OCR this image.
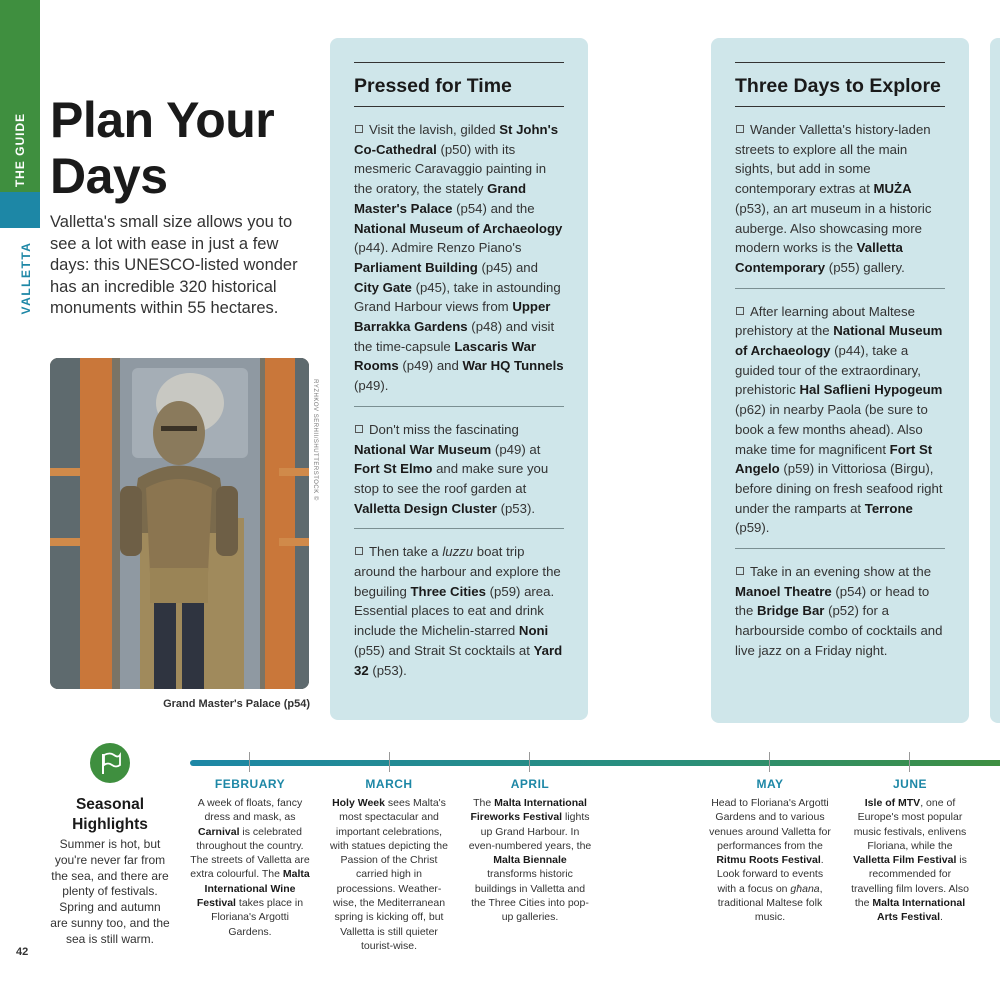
THE GUIDE
VALLETTA
Plan Your Days

Valletta's small size allows you to see a lot with ease in just a few days: this UNESCO-listed wonder has an incredible 320 historical monuments within 55 hectares.

RYZHKOV SERHII/SHUTTERSTOCK ©
Grand Master's Palace (p54)
Pressed for Time
Visit the lavish, gilded St John's Co-Cathedral (p50) with its mesmeric Caravaggio painting in the oratory, the stately Grand Master's Palace (p54) and the National Museum of Archaeology (p44). Admire Renzo Piano's Parliament Building (p45) and City Gate (p45), take in astounding Grand Harbour views from Upper Barrakka Gardens (p48) and visit the time-capsule Lascaris War Rooms (p49) and War HQ Tunnels (p49).
Don't miss the fascinating National War Museum (p49) at Fort St Elmo and make sure you stop to see the roof garden at Valletta Design Cluster (p53).
Then take a luzzu boat trip around the harbour and explore the beguiling Three Cities (p59) area. Essential places to eat and drink include the Michelin-starred Noni (p55) and Strait St cocktails at Yard 32 (p53).
Three Days to Explore
Wander Valletta's history-laden streets to explore all the main sights, but add in some contemporary extras at MUŻA (p53), an art museum in a historic auberge. Also showcasing more modern works is the Valletta Contemporary (p55) gallery.
After learning about Maltese prehistory at the National Museum of Archaeology (p44), take a guided tour of the extraordinary, prehistoric Hal Saflieni Hypogeum (p62) in nearby Paola (be sure to book a few months ahead). Also make time for magnificent Fort St Angelo (p59) in Vittoriosa (Birgu), before dining on fresh seafood right under the ramparts at Terrone (p59).
Take in an evening show at the Manoel Theatre (p54) or head to the Bridge Bar (p52) for a harbourside combo of cocktails and live jazz on a Friday night.
Seasonal Highlights
Summer is hot, but you're never far from the sea, and there are plenty of festivals. Spring and autumn are sunny too, and the sea is still warm.
42
FEBRUARY
A week of floats, fancy dress and mask, as Carnival is celebrated throughout the country. The streets of Valletta are extra colourful. The Malta International Wine Festival takes place in Floriana's Argotti Gardens.
MARCH
Holy Week sees Malta's most spectacular and important celebrations, with statues depicting the Passion of the Christ carried high in processions. Weather-wise, the Mediterranean spring is kicking off, but Valletta is still quieter tourist-wise.
APRIL
The Malta International Fireworks Festival lights up Grand Harbour. In even-numbered years, the Malta Biennale transforms historic buildings in Valletta and the Three Cities into pop-up galleries.
MAY
Head to Floriana's Argotti Gardens and to various venues around Valletta for performances from the Ritmu Roots Festival. Look forward to events with a focus on għana, traditional Maltese folk music.
JUNE
Isle of MTV, one of Europe's most popular music festivals, enlivens Floriana, while the Valletta Film Festival is recommended for travelling film lovers. Also the Malta International Arts Festival.
